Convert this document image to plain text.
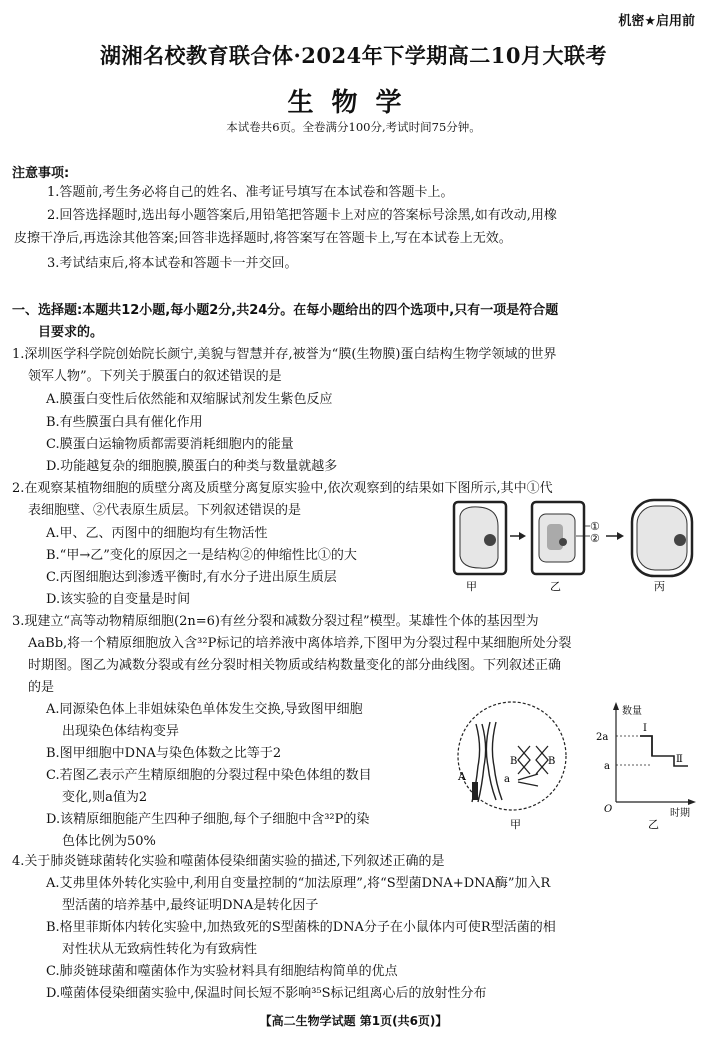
机密★启用前
湖湘名校教育联合体·2024年下学期高二10月大联考
生物学
本试卷共6页。全卷满分100分,考试时间75分钟。
注意事项:
1.答题前,考生务必将自己的姓名、准考证号填写在本试卷和答题卡上。
2.回答选择题时,选出每小题答案后,用铅笔把答题卡上对应的答案标号涂黑,如有改动,用橡
皮擦干净后,再选涂其他答案;回答非选择题时,将答案写在答题卡上,写在本试卷上无效。
3.考试结束后,将本试卷和答题卡一并交回。
一、选择题:本题共12小题,每小题2分,共24分。在每小题给出的四个选项中,只有一项是符合题
目要求的。
1.深圳医学科学院创始院长颜宁,美貌与智慧并存,被誉为“膜(生物膜)蛋白结构生物学领域的世界
领军人物”。下列关于膜蛋白的叙述错误的是
A.膜蛋白变性后依然能和双缩脲试剂发生紫色反应
B.有些膜蛋白具有催化作用
C.膜蛋白运输物质都需要消耗细胞内的能量
D.功能越复杂的细胞膜,膜蛋白的种类与数量就越多
2.在观察某植物细胞的质壁分离及质壁分离复原实验中,依次观察到的结果如下图所示,其中①代
表细胞壁、②代表原生质层。下列叙述错误的是
A.甲、乙、丙图中的细胞均有生物活性
B.“甲→乙”变化的原因之一是结构②的伸缩性比①的大
C.丙图细胞达到渗透平衡时,有水分子进出原生质层
D.该实验的自变量是时间
甲	乙
①
②
丙
3.现建立“高等动物精原细胞(2n=6)有丝分裂和减数分裂过程”模型。某雄性个体的基因型为
AaBb,将一个精原细胞放入含³²P标记的培养液中离体培养,下图甲为分裂过程中某细胞所处分裂
时期图。图乙为减数分裂或有丝分裂时相关物质或结构数量变化的部分曲线图。下列叙述正确
的是
A.同源染色体上非姐妹染色单体发生交换,导致图甲细胞
出现染色体结构变异
B.图甲细胞中DNA与染色体数之比等于2
C.若图乙表示产生精原细胞的分裂过程中染色体组的数目
变化,则a值为2
D.该精原细胞能产生四种子细胞,每个子细胞中含³²P的染
色体比例为50%
A	a
B	B
甲
数量
时期
O
2a
a
Ⅰ
Ⅱ
乙
4.关于肺炎链球菌转化实验和噬菌体侵染细菌实验的描述,下列叙述正确的是
A.艾弗里体外转化实验中,利用自变量控制的“加法原理”,将“S型菌DNA+DNA酶”加入R
型活菌的培养基中,最终证明DNA是转化因子
B.格里菲斯体内转化实验中,加热致死的S型菌株的DNA分子在小鼠体内可使R型活菌的相
对性状从无致病性转化为有致病性
C.肺炎链球菌和噬菌体作为实验材料具有细胞结构简单的优点
D.噬菌体侵染细菌实验中,保温时间长短不影响³⁵S标记组离心后的放射性分布
【高二生物学试题 第1页(共6页)】
